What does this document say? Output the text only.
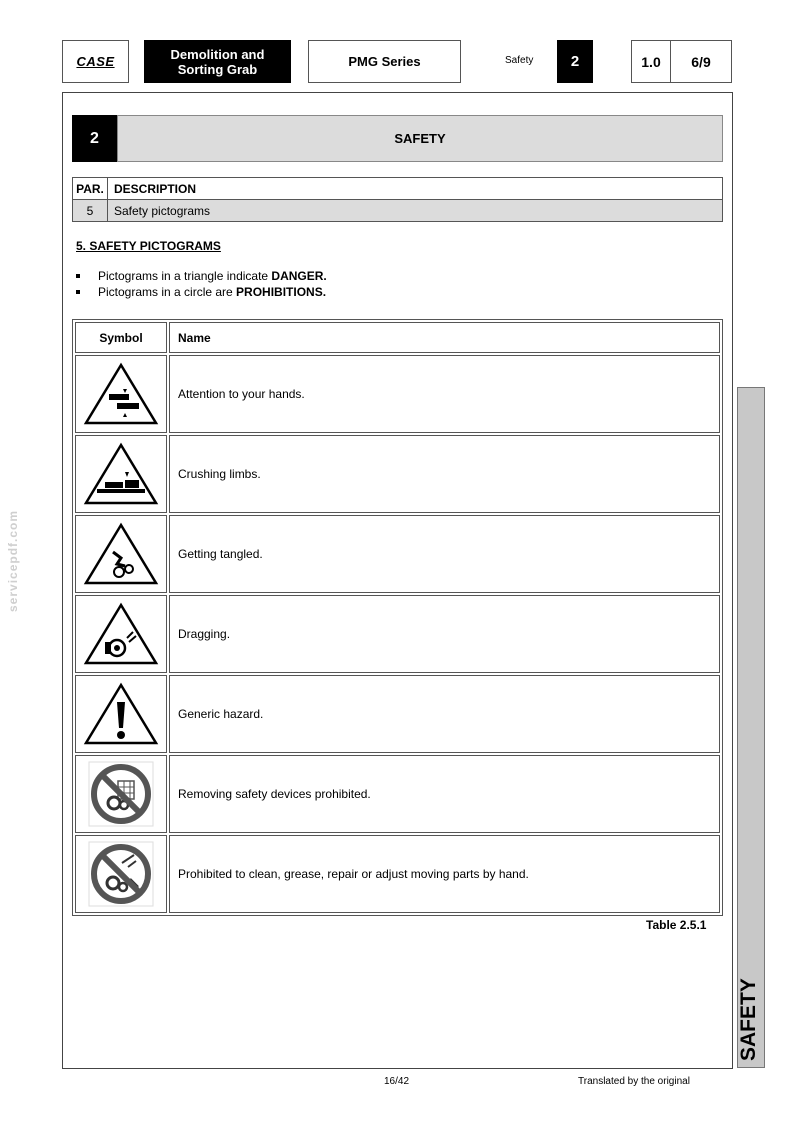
CASE	Demolition and
Sorting Grab	PMG Series	Safety	2	1.0	6/9
2	SAFETY
PAR.	DESCRIPTION
5	Safety pictograms
5. SAFETY PICTOGRAMS
Pictograms in a triangle indicate DANGER.
Pictograms in a circle are PROHIBITIONS.
Symbol	Name

	Attention to your hands.

	Crushing limbs.

	Getting tangled.

	Dragging.

	Generic hazard.

	Removing safety devices prohibited.

	Prohibited to clean, grease, repair or adjust moving parts by hand.
Table 2.5.1
SAFETY
servicepdf.com
16/42	Translated by the original
